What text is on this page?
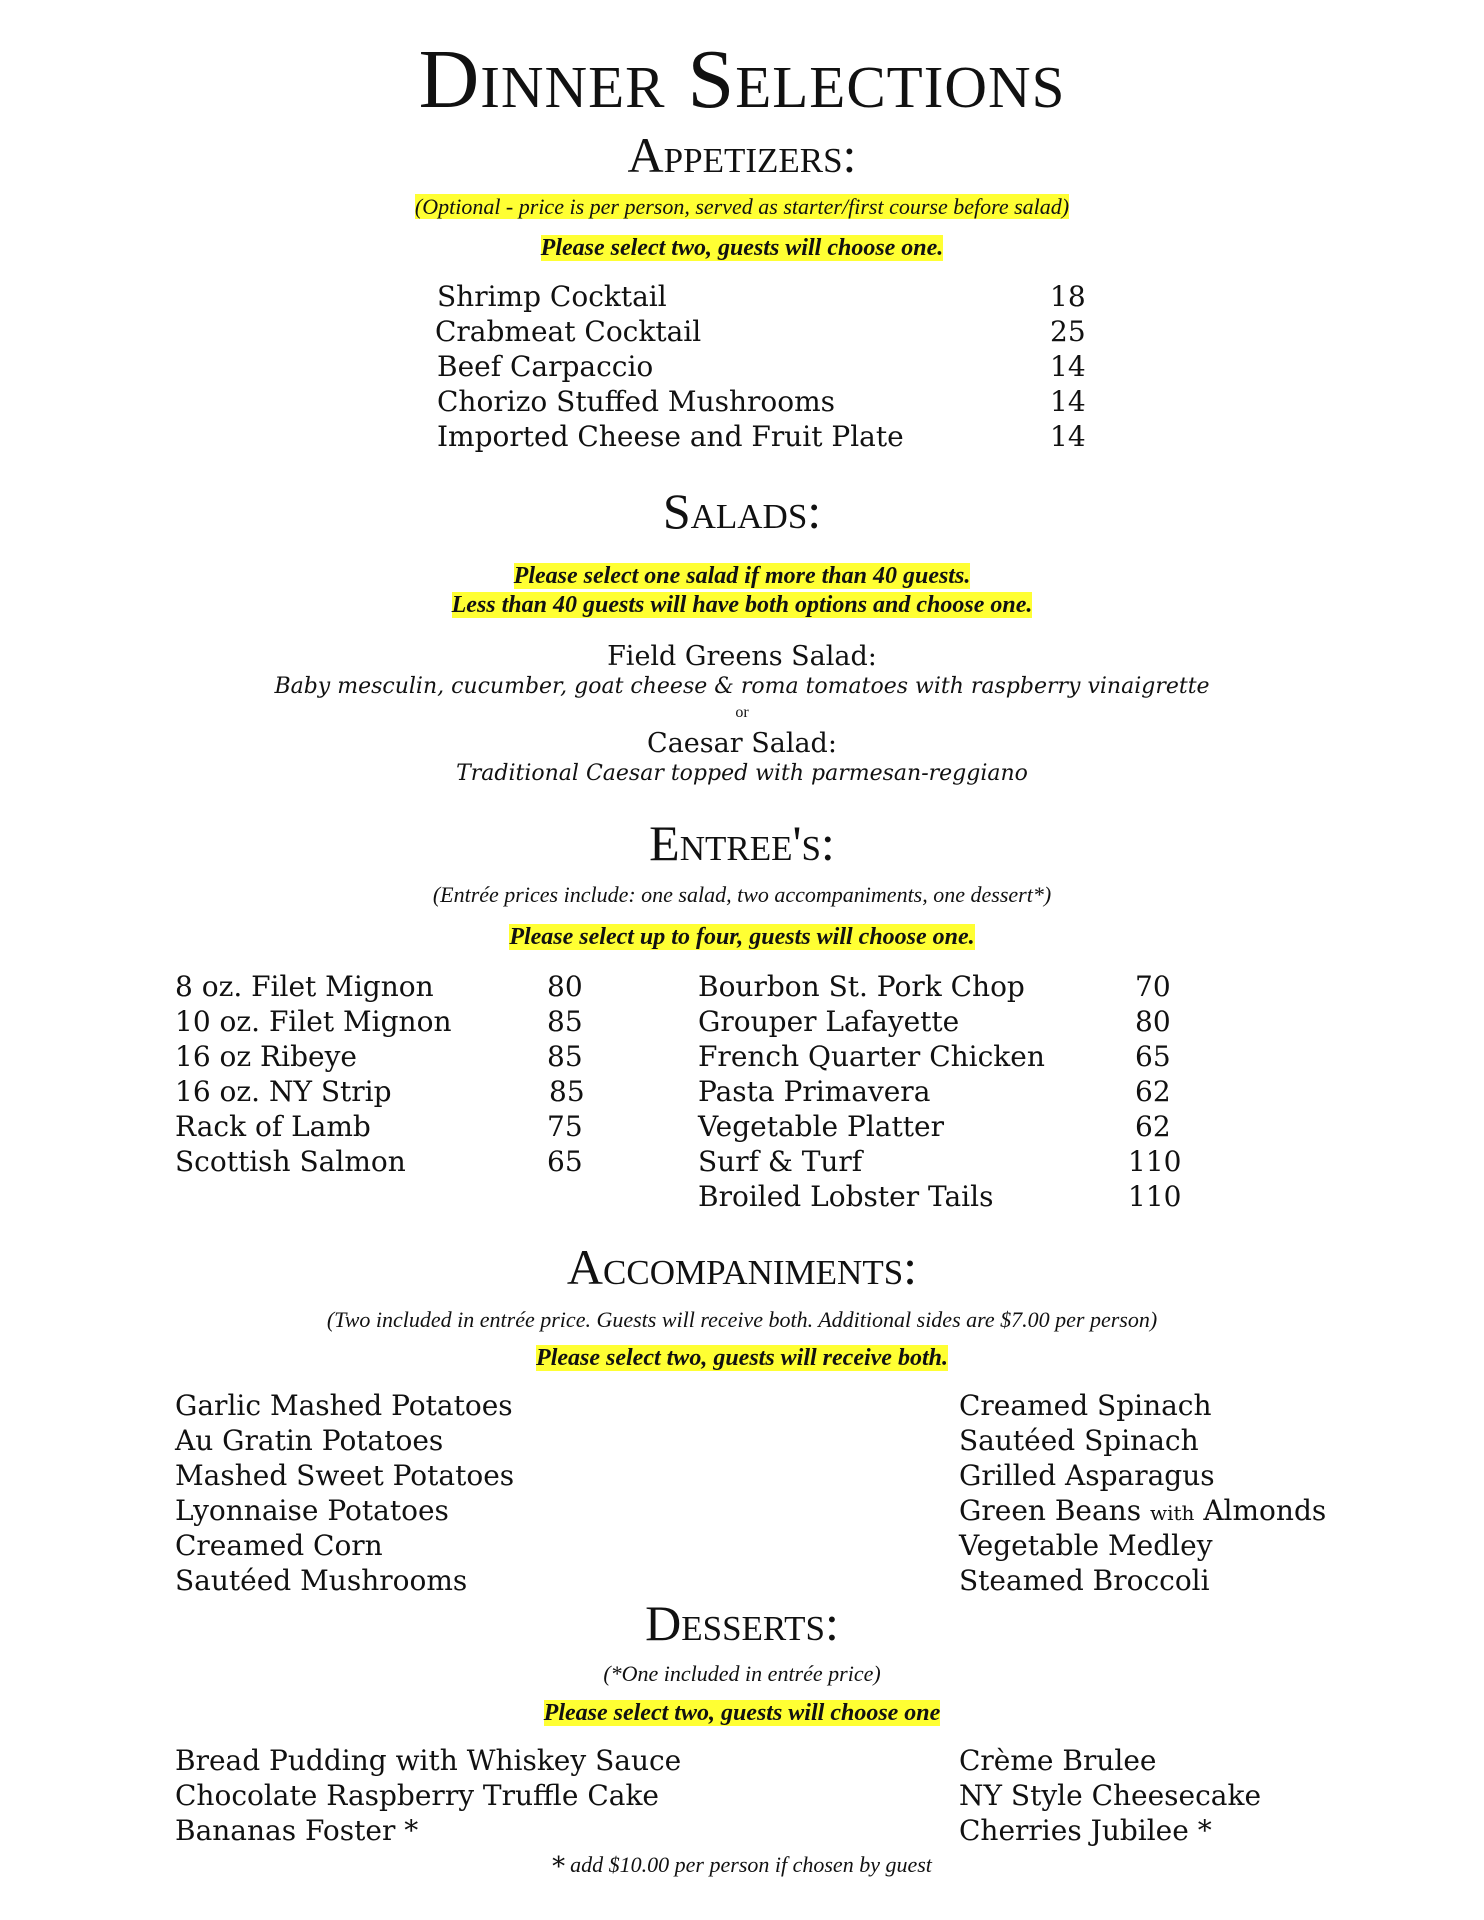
Dinner Selections
Appetizers:
(Optional - price is per person, served as starter/first course before salad)
Please select two, guests will choose one.
Shrimp Cocktail	18
Crabmeat Cocktail	25
Beef Carpaccio	14
Chorizo Stuffed Mushrooms	14
Imported Cheese and Fruit Plate	14
Salads:
Please select one salad if more than 40 guests.
Less than 40 guests will have both options and choose one.
Field Greens Salad:
Baby mesculin, cucumber, goat cheese & roma tomatoes with raspberry vinaigrette
or
Caesar Salad:
Traditional Caesar topped with parmesan-reggiano
Entree's:
(Entrée prices include: one salad, two accompaniments, one dessert*)
Please select up to four, guests will choose one.
8 oz. Filet Mignon	80
10 oz. Filet Mignon	85
16 oz Ribeye	85
16 oz. NY Strip	85
Rack of Lamb	75
Scottish Salmon	65
Bourbon St. Pork Chop	70
Grouper Lafayette	80
French Quarter Chicken	65
Pasta Primavera	62
Vegetable Platter	62
Surf & Turf	110
Broiled Lobster Tails	110
Accompaniments:
(Two included in entrée price. Guests will receive both. Additional sides are $7.00 per person)
Please select two, guests will receive both.
Garlic Mashed Potatoes
Au Gratin Potatoes
Mashed Sweet Potatoes
Lyonnaise Potatoes
Creamed Corn
Sautéed Mushrooms
Creamed Spinach
Sautéed Spinach
Grilled Asparagus
Green Beans with Almonds
Vegetable Medley
Steamed Broccoli
Desserts:
(*One included in entrée price)
Please select two, guests will choose one
Bread Pudding with Whiskey Sauce
Chocolate Raspberry Truffle Cake
Bananas Foster *
Crème Brulee
NY Style Cheesecake
Cherries Jubilee *
* add $10.00 per person if chosen by guest
